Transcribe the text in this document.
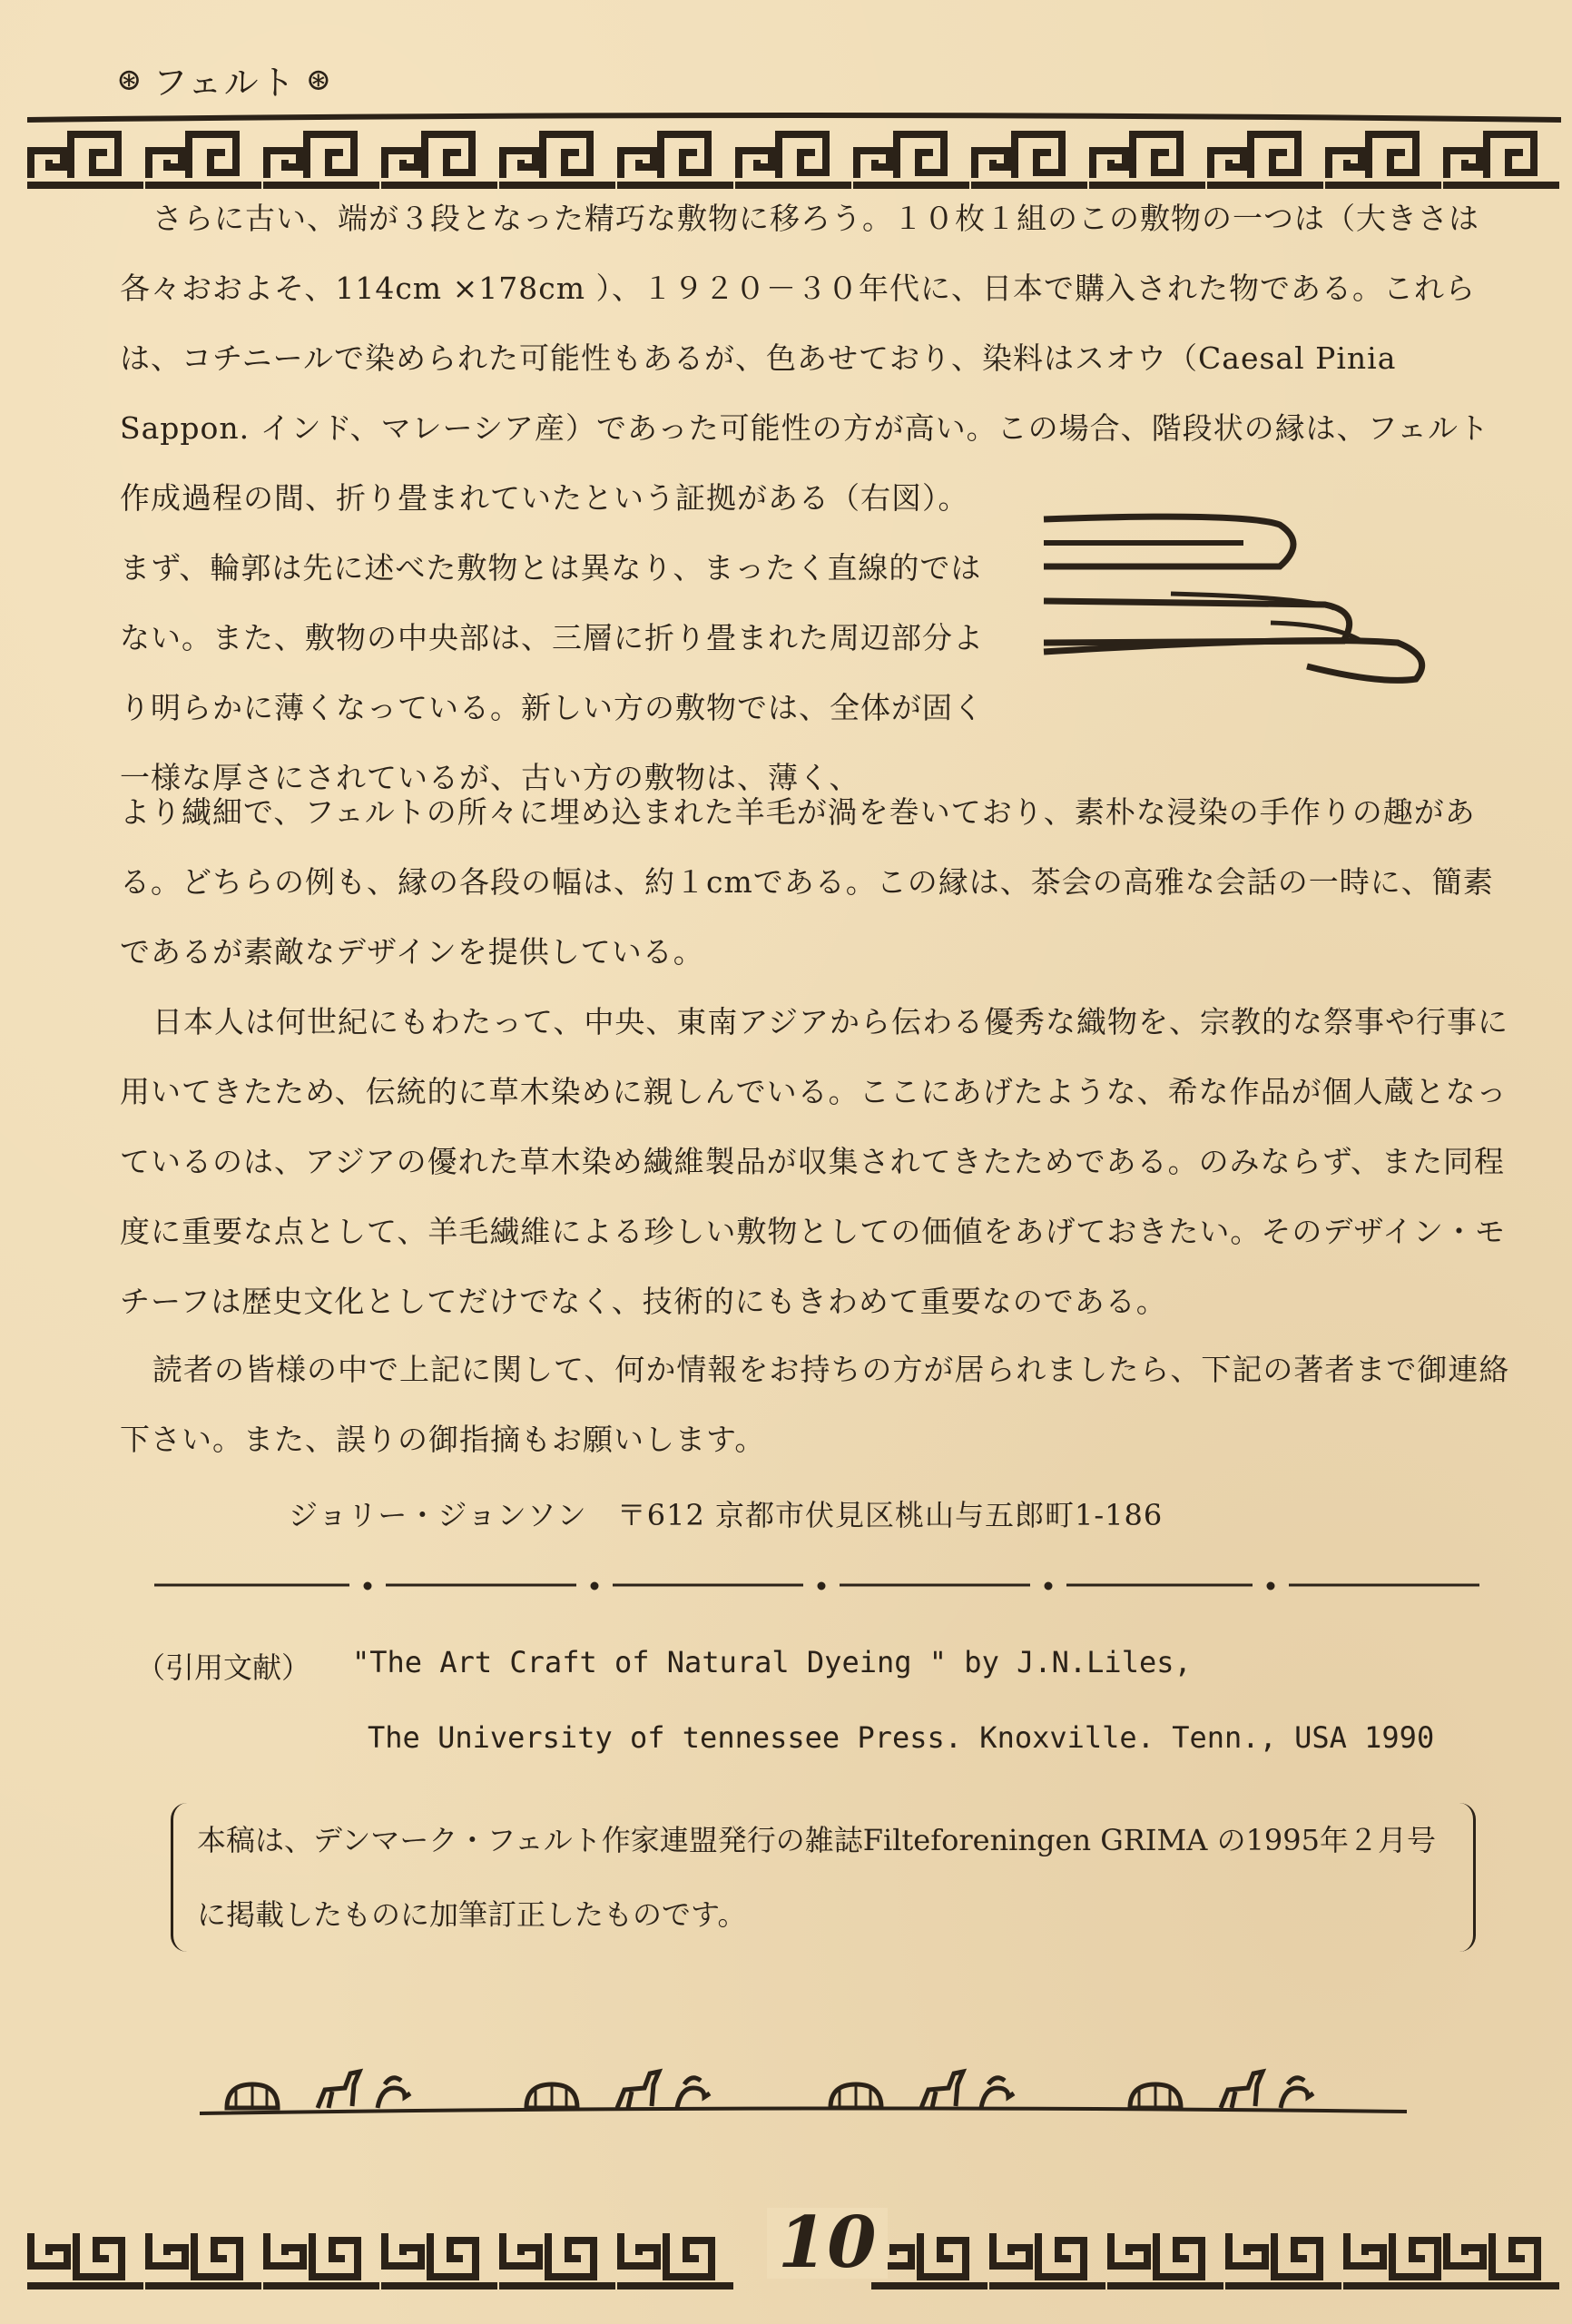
⊛ フェルト ⊛

さらに古い、端が３段となった精巧な敷物に移ろう。１０枚１組のこの敷物の一つは（大きさは各々おおよそ、114cm ×178cm ）、１９２０－３０年代に、日本で購入された物である。これらは、コチニールで染められた可能性もあるが、色あせており、染料はスオウ（Caesal Pinia Sappon. インド、マレーシア産）であった可能性の方が高い。この場合、階段状の縁は、フェルト作成過程の間、折り畳まれていたという証拠がある（右図）。

まず、輪郭は先に述べた敷物とは異なり、まったく直線的ではない。また、敷物の中央部は、三層に折り畳まれた周辺部分より明らかに薄くなっている。新しい方の敷物では、全体が固く一様な厚さにされているが、古い方の敷物は、薄く、

より繊細で、フェルトの所々に埋め込まれた羊毛が渦を巻いており、素朴な浸染の手作りの趣がある。どちらの例も、縁の各段の幅は、約１cmである。この縁は、茶会の高雅な会話の一時に、簡素であるが素敵なデザインを提供している。

日本人は何世紀にもわたって、中央、東南アジアから伝わる優秀な織物を、宗教的な祭事や行事に用いてきたため、伝統的に草木染めに親しんでいる。ここにあげたような、希な作品が個人蔵となっているのは、アジアの優れた草木染め繊維製品が収集されてきたためである。のみならず、また同程度に重要な点として、羊毛繊維による珍しい敷物としての価値をあげておきたい。そのデザイン・モチーフは歴史文化としてだけでなく、技術的にもきわめて重要なのである。

読者の皆様の中で上記に関して、何か情報をお持ちの方が居られましたら、下記の著者まで御連絡下さい。また、誤りの御指摘もお願いします。

ジョリー・ジョンソン　〒612 京都市伏見区桃山与五郎町1-186
（引用文献） "The Art Craft of Natural Dyeing " by J.N.Liles,
The University of tennessee Press. Knoxville. Tenn., USA 1990
本稿は、デンマーク・フェルト作家連盟発行の雑誌Filteforeningen GRIMA の1995年２月号に掲載したものに加筆訂正したものです。
10
